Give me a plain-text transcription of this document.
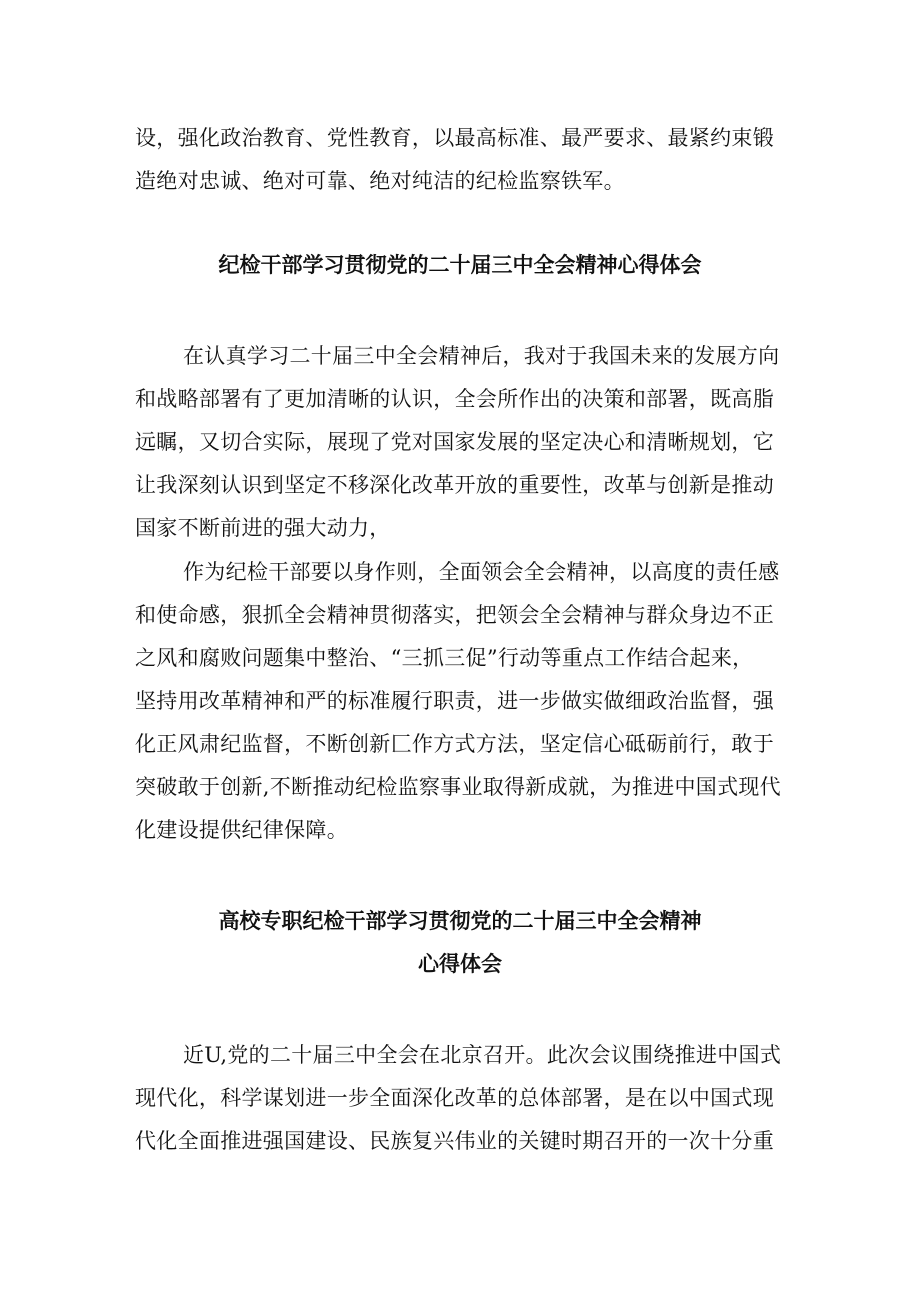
设，强化政治教育、党性教育，以最高标准、最严要求、最紧约束锻
造绝对忠诚、绝对可靠、绝对纯洁的纪检监察铁军。
纪检干部学习贯彻党的二十届三中全会精神心得体会
在认真学习二十届三中全会精神后，我对于我国未来的发展方向
和战略部署有了更加清晰的认识，全会所作出的决策和部署，既高脂
远瞩，又切合实际，展现了党对国家发展的坚定决心和清晰规划，它
让我深刻认识到坚定不移深化改革开放的重要性，改革与创新是推动
国家不断前进的强大动力，
作为纪检干部要以身作则，全面领会全会精神，以高度的责任感
和使命感，狠抓全会精神贯彻落实，把领会全会精神与群众身边不正
之风和腐败问题集中整治、“三抓三促”行动等重点工作结合起来，
坚持用改革精神和严的标准履行职责，进一步做实做细政治监督，强
化正风肃纪监督，不断创新匚作方式方法，坚定信心砥砺前行，敢于
突破敢于创新,不断推动纪检监察事业取得新成就，为推进中国式现代
化建设提供纪律保障。
高校专职纪检干部学习贯彻党的二十届三中全会精神
心得体会
近U,党的二十届三中全会在北京召开。此次会议围绕推进中国式
现代化，科学谋划进一步全面深化改革的总体部署，是在以中国式现
代化全面推进强国建设、民族复兴伟业的关键时期召开的一次十分重
